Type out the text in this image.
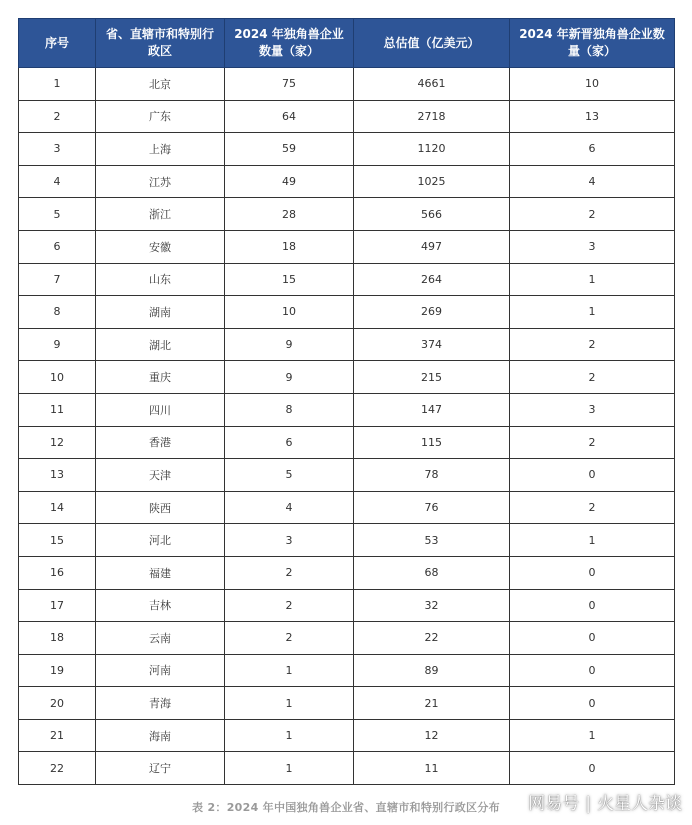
序号	省、直辖市和特别行政区	2024 年独角兽企业数量（家）	总估值（亿美元）	2024 年新晋独角兽企业数量（家）
1	北京	75	4661	10
2	广东	64	2718	13
3	上海	59	1120	6
4	江苏	49	1025	4
5	浙江	28	566	2
6	安徽	18	497	3
7	山东	15	264	1
8	湖南	10	269	1
9	湖北	9	374	2
10	重庆	9	215	2
11	四川	8	147	3
12	香港	6	115	2
13	天津	5	78	0
14	陕西	4	76	2
15	河北	3	53	1
16	福建	2	68	0
17	吉林	2	32	0
18	云南	2	22	0
19	河南	1	89	0
20	青海	1	21	0
21	海南	1	12	1
22	辽宁	1	11	0
表 2：2024 年中国独角兽企业省、直辖市和特别行政区分布	网易号 | 火星人杂谈
